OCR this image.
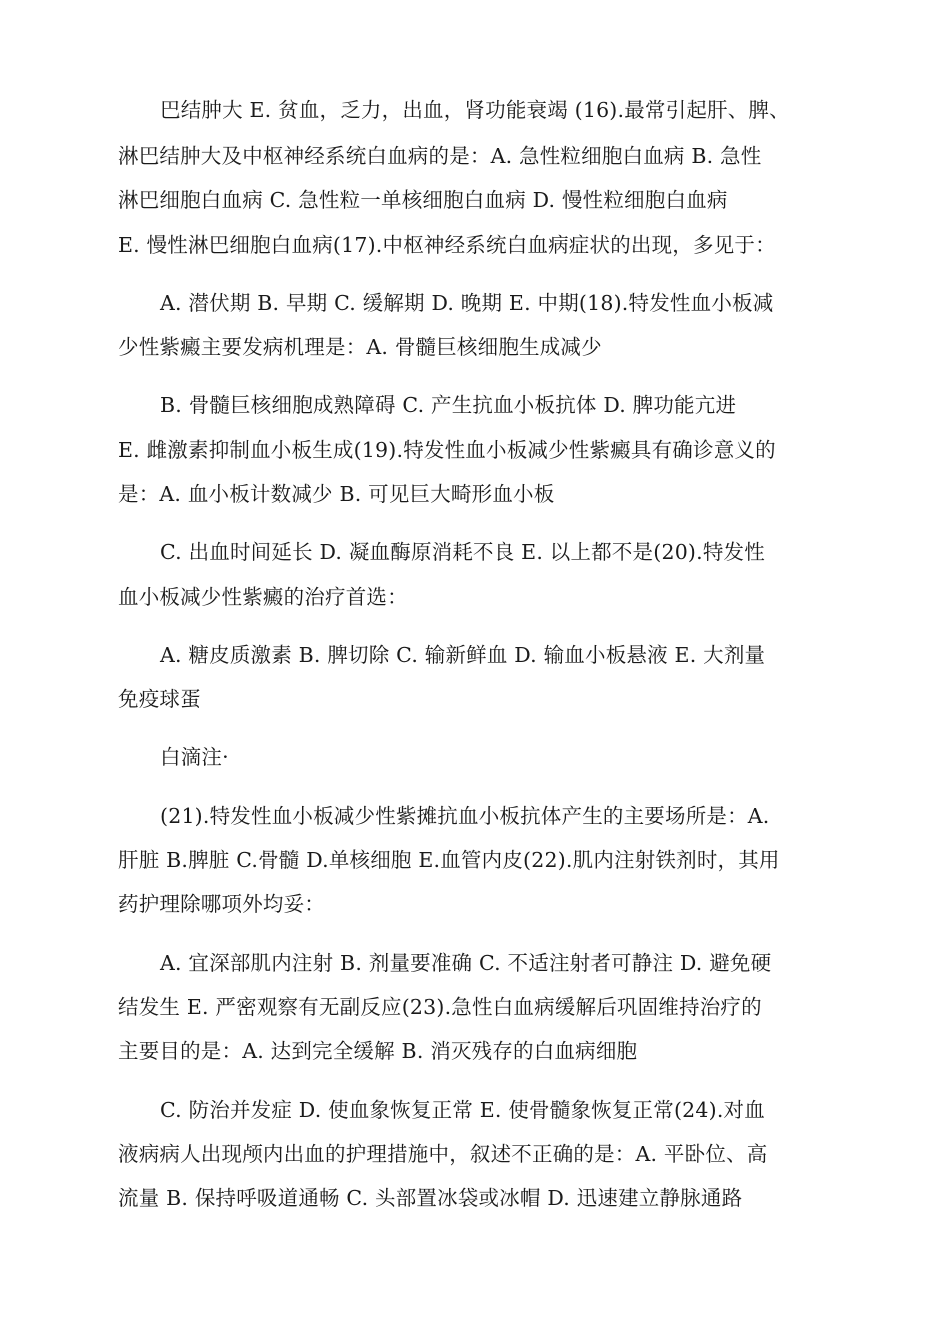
巴结肿大 E. 贫血，乏力，出血，肾功能衰竭 (16).最常引起肝、脾、
淋巴结肿大及中枢神经系统白血病的是：A. 急性粒细胞白血病 B. 急性
淋巴细胞白血病 C. 急性粒一单核细胞白血病 D. 慢性粒细胞白血病
E. 慢性淋巴细胞白血病(17).中枢神经系统白血病症状的出现，多见于：
A. 潜伏期 B. 早期 C. 缓解期 D. 晚期 E. 中期(18).特发性血小板减
少性紫癜主要发病机理是：A. 骨髓巨核细胞生成减少
B. 骨髓巨核细胞成熟障碍 C. 产生抗血小板抗体 D. 脾功能亢进
E. 雌激素抑制血小板生成(19).特发性血小板减少性紫癜具有确诊意义的
是：A. 血小板计数减少 B. 可见巨大畸形血小板
C. 出血时间延长 D. 凝血酶原消耗不良 E. 以上都不是(20).特发性
血小板减少性紫癜的治疗首选：
A. 糖皮质激素 B. 脾切除 C. 输新鲜血 D. 输血小板悬液 E. 大剂量
免疫球蛋
白滴注·
(21).特发性血小板减少性紫摊抗血小板抗体产生的主要场所是：A.
肝脏 B.脾脏 C.骨髓 D.单核细胞 E.血管内皮(22).肌内注射铁剂时，其用
药护理除哪项外均妥：
A. 宜深部肌内注射 B. 剂量要准确 C. 不适注射者可静注 D. 避免硬
结发生 E. 严密观察有无副反应(23).急性白血病缓解后巩固维持治疗的
主要目的是：A. 达到完全缓解 B. 消灭残存的白血病细胞
C. 防治并发症 D. 使血象恢复正常 E. 使骨髓象恢复正常(24).对血
液病病人出现颅内出血的护理措施中，叙述不正确的是：A. 平卧位、高
流量 B. 保持呼吸道通畅 C. 头部置冰袋或冰帽 D. 迅速建立静脉通路
